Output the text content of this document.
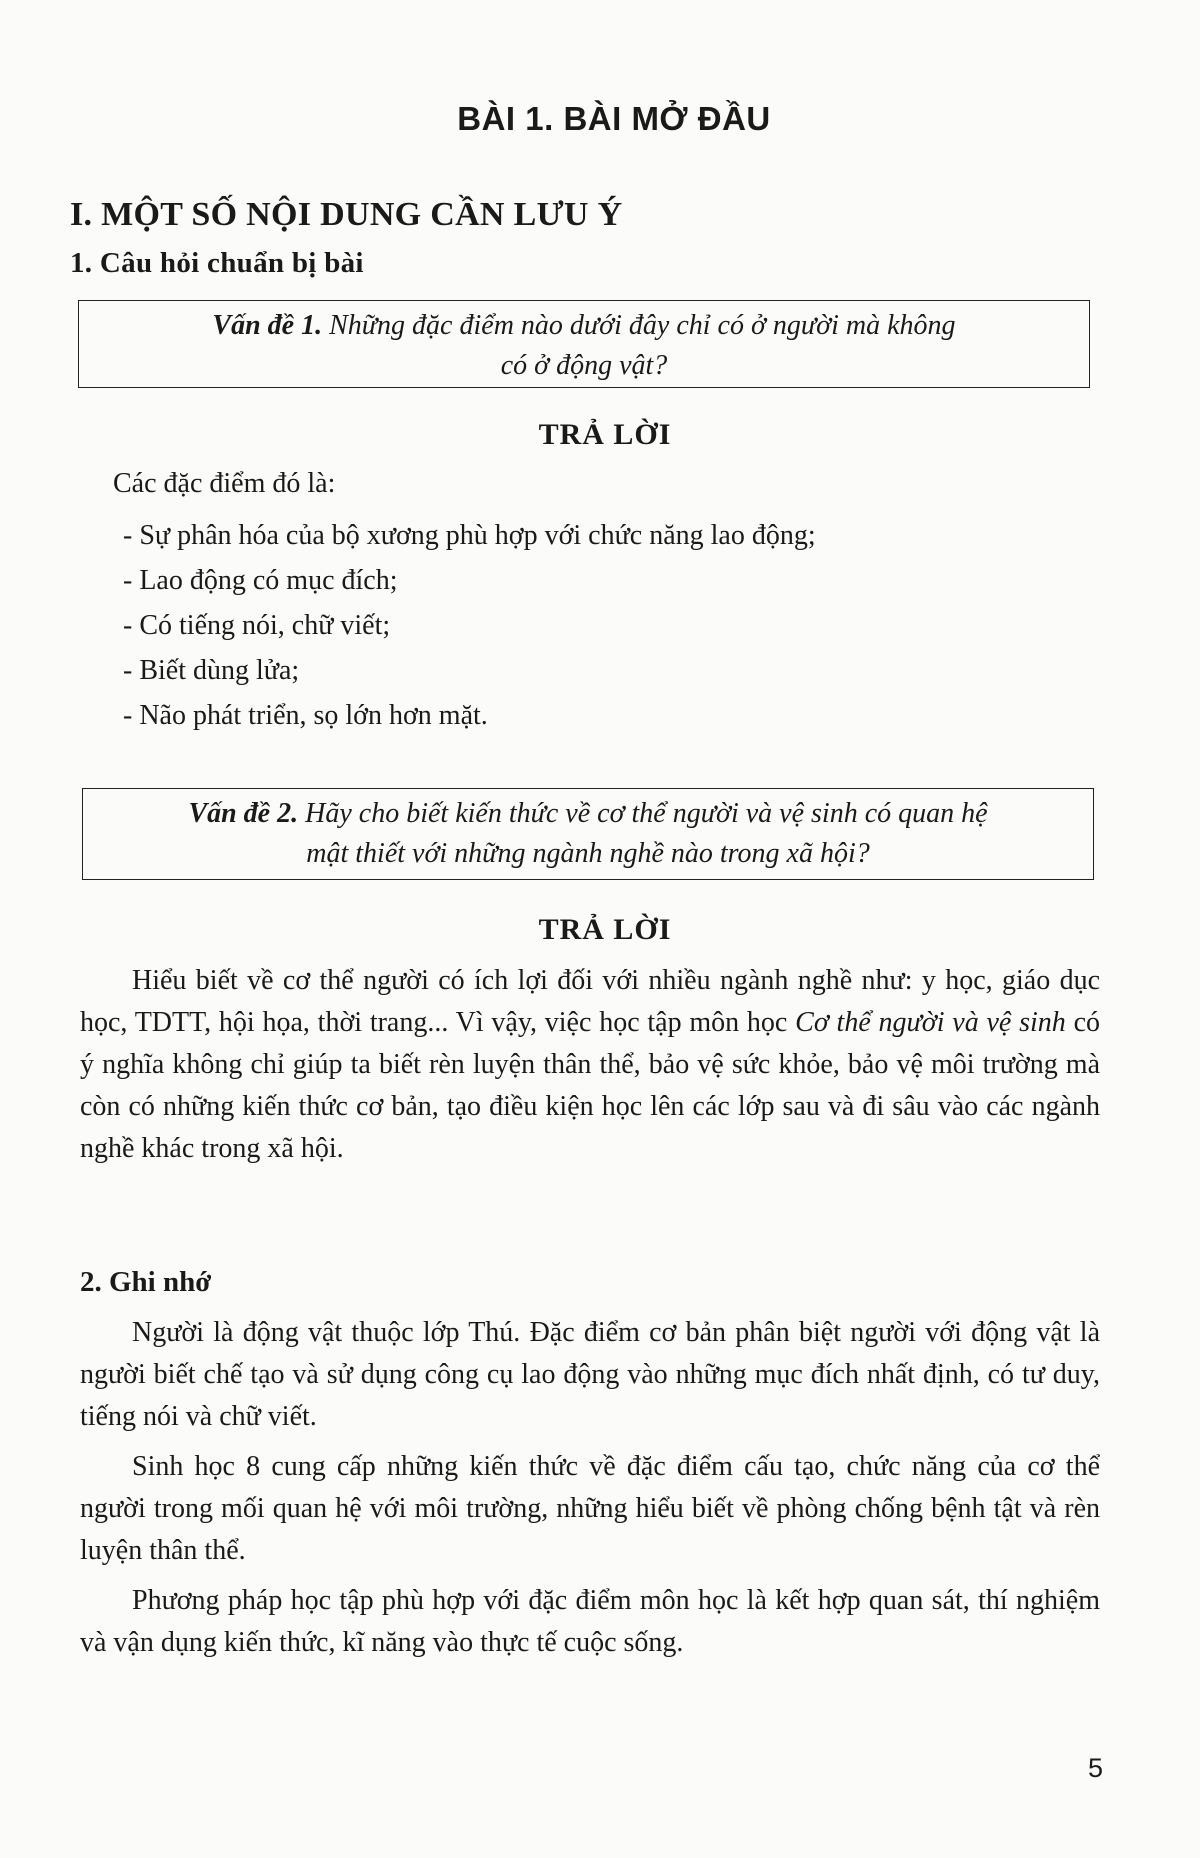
BÀI 1. BÀI MỞ ĐẦU
I. MỘT SỐ NỘI DUNG CẦN LƯU Ý
1. Câu hỏi chuẩn bị bài
Vấn đề 1. Những đặc điểm nào dưới đây chỉ có ở người mà không
có ở động vật?
TRẢ LỜI
Các đặc điểm đó là:
- Sự phân hóa của bộ xương phù hợp với chức năng lao động;
- Lao động có mục đích;
- Có tiếng nói, chữ viết;
- Biết dùng lửa;
- Não phát triển, sọ lớn hơn mặt.
Vấn đề 2. Hãy cho biết kiến thức về cơ thể người và vệ sinh có quan hệ
mật thiết với những ngành nghề nào trong xã hội?
TRẢ LỜI

Hiểu biết về cơ thể người có ích lợi đối với nhiều ngành nghề như: y học, giáo dục học, TDTT, hội họa, thời trang... Vì vậy, việc học tập môn học Cơ thể người và vệ sinh có ý nghĩa không chỉ giúp ta biết rèn luyện thân thể, bảo vệ sức khỏe, bảo vệ môi trường mà còn có những kiến thức cơ bản, tạo điều kiện học lên các lớp sau và đi sâu vào các ngành nghề khác trong xã hội.

2. Ghi nhớ

Người là động vật thuộc lớp Thú. Đặc điểm cơ bản phân biệt người với động vật là người biết chế tạo và sử dụng công cụ lao động vào những mục đích nhất định, có tư duy, tiếng nói và chữ viết.

Sinh học 8 cung cấp những kiến thức về đặc điểm cấu tạo, chức năng của cơ thể người trong mối quan hệ với môi trường, những hiểu biết về phòng chống bệnh tật và rèn luyện thân thể.

Phương pháp học tập phù hợp với đặc điểm môn học là kết hợp quan sát, thí nghiệm và vận dụng kiến thức, kĩ năng vào thực tế cuộc sống.

5
